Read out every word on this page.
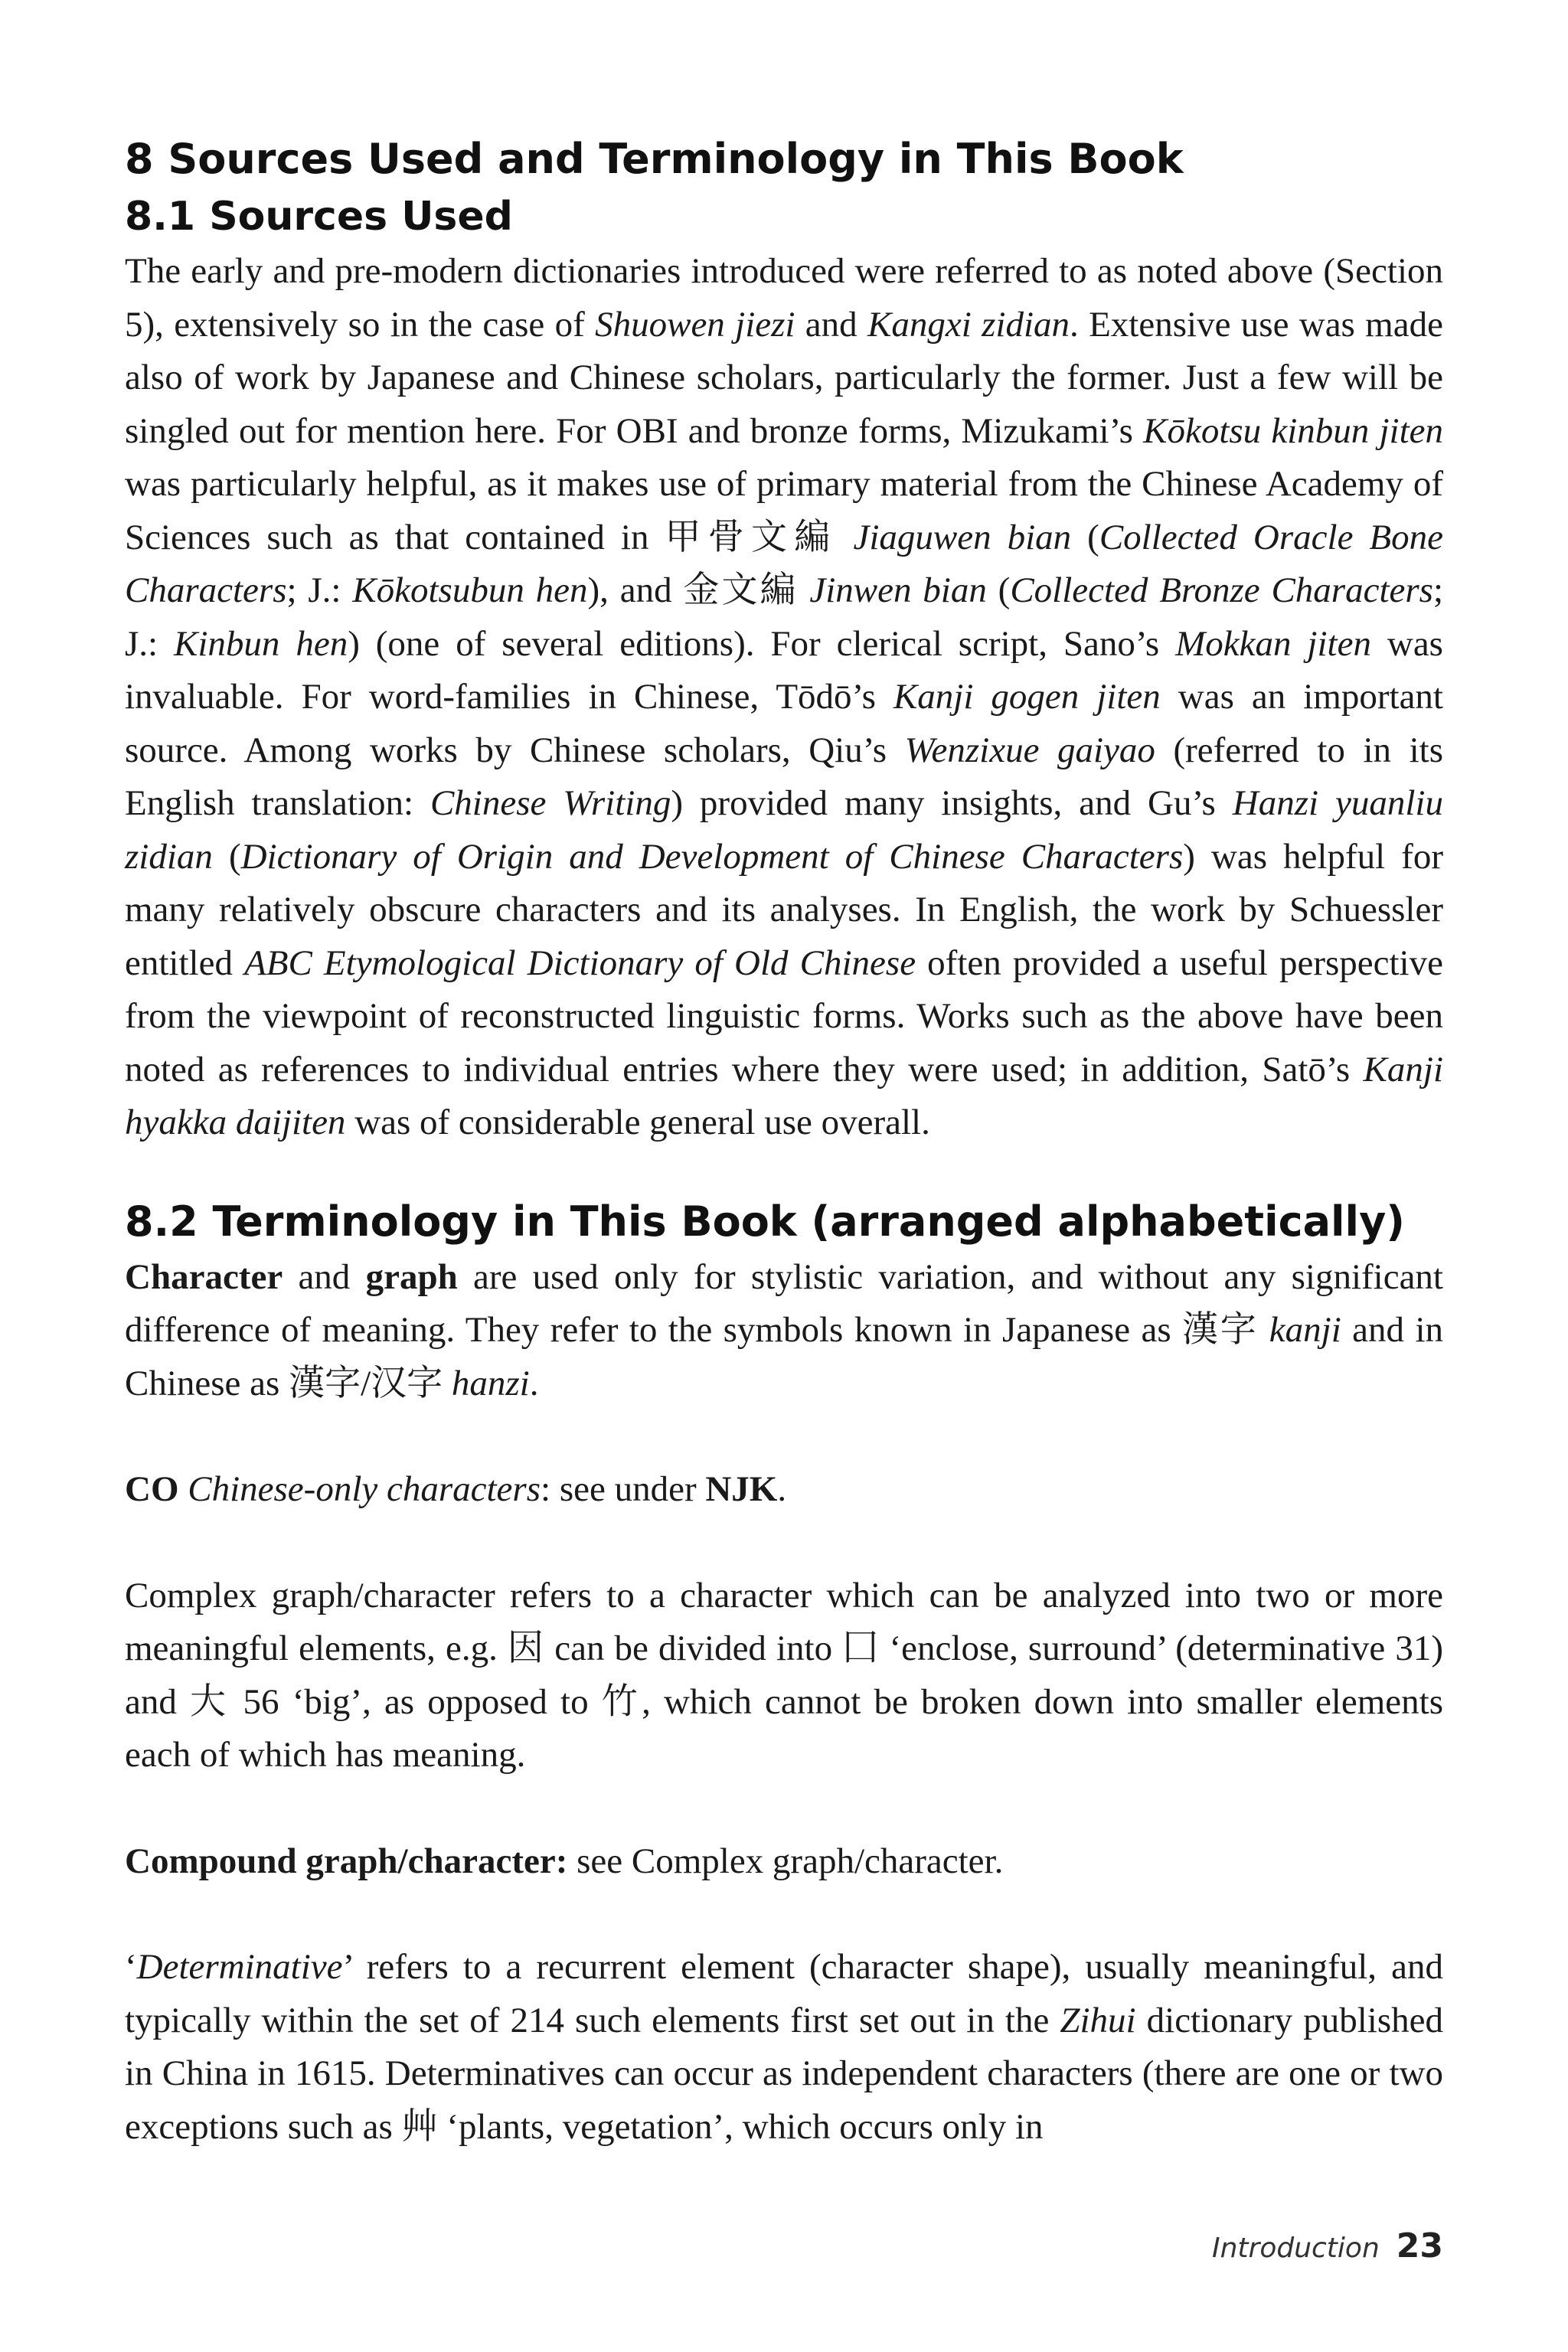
8 Sources Used and Terminology in This Book
8.1 Sources Used

The early and pre-modern dictionaries introduced were referred to as noted above (Section 5), extensively so in the case of Shuowen jiezi and Kangxi zidian. Extensive use was made also of work by Japanese and Chinese scholars, particularly the former. Just a few will be singled out for mention here. For OBI and bronze forms, Mizukami’s Kōkotsu kinbun jiten was particularly helpful, as it makes use of primary material from the Chinese Academy of Sciences such as that contained in 甲骨文編 Jiaguwen bian (Collected Oracle Bone Characters; J.: Kōkotsubun hen), and 金文編 Jinwen bian (Collected Bronze Characters; J.: Kinbun hen) (one of several editions). For clerical script, Sano’s Mokkan jiten was invaluable. For word-families in Chinese, Tōdō’s Kanji gogen jiten was an important source. Among works by Chinese scholars, Qiu’s Wenzixue gaiyao (referred to in its English translation: Chinese Writing) provided many insights, and Gu’s Hanzi yuanliu zidian (Dictionary of Origin and Development of Chinese Characters) was helpful for many relatively obscure characters and its analyses. In English, the work by Schuessler entitled ABC Etymological Dictionary of Old Chinese often provided a useful perspective from the viewpoint of reconstructed linguistic forms. Works such as the above have been noted as references to individual entries where they were used; in addition, Satō’s Kanji hyakka daijiten was of considerable general use overall.

8.2 Terminology in This Book (arranged alphabetically)

Character and graph are used only for stylistic variation, and without any significant difference of meaning. They refer to the symbols known in Japanese as 漢字 kanji and in Chinese as 漢字/汉字 hanzi.

CO Chinese-only characters: see under NJK.

Complex graph/character refers to a character which can be analyzed into two or more meaningful elements, e.g. 因 can be divided into 囗 ‘enclose, surround’ (determinative 31) and 大 56 ‘big’, as opposed to 竹, which cannot be broken down into smaller elements each of which has meaning.

Compound graph/character: see Complex graph/character.

‘Determinative’ refers to a recurrent element (character shape), usually meaningful, and typically within the set of 214 such elements first set out in the Zihui dictionary published in China in 1615. Determinatives can occur as independent characters (there are one or two exceptions such as 艸 ‘plants, vegetation’, which occurs only in

Introduction 23
